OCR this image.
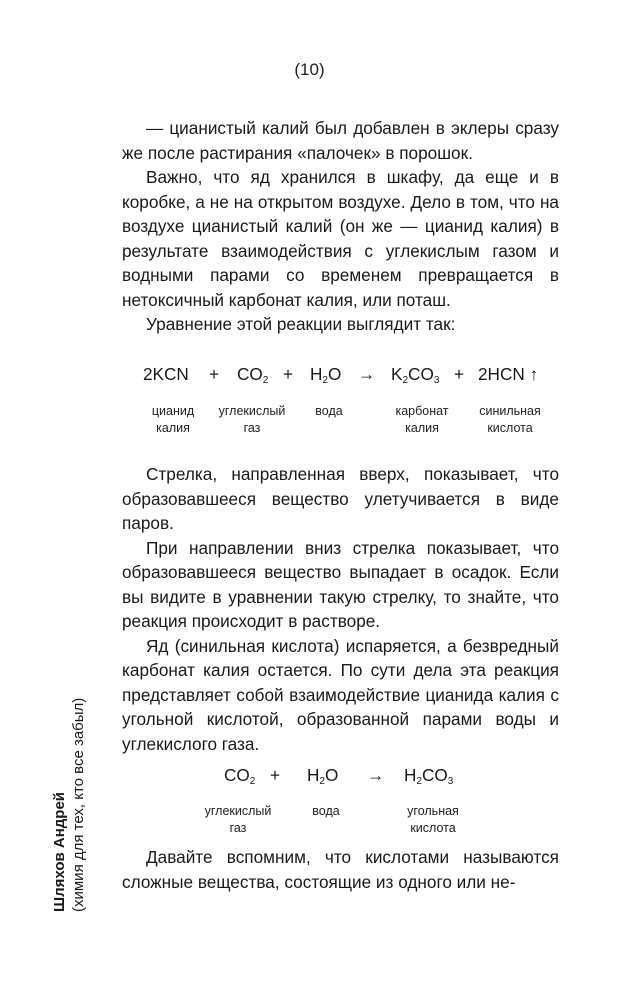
(10)

— цианистый калий был добавлен в эклеры сразу же после растирания «палочек» в порошок.

Важно, что яд хранился в шкафу, да еще и в коробке, а не на открытом воздухе. Дело в том, что на воздухе цианистый калий (он же — цианид калия) в результате взаимодействия с углекислым газом и водными парами со временем превращается в нетоксичный карбонат калия, или поташ.

Уравнение этой реакции выглядит так:

$2KCN + CO_2 + H_2O \to K_2CO_3 + 2HCN$ ↑
цианид
калия
углекислый
газ
вода	карбонат
калия
синильная
кислота

Стрелка, направленная вверх, показывает, что образовавшееся вещество улетучивается в виде паров.

При направлении вниз стрелка показывает, что образовавшееся вещество выпадает в осадок. Если вы видите в уравнении такую стрелку, то знайте, что реакция происходит в растворе.

Яд (синильная кислота) испаряется, а безвредный карбонат калия остается. По сути дела эта реакция представляет собой взаимодействие цианида калия с угольной кислотой, образованной парами воды и углекислого газа.

$CO_2 + H_2O \to H_2CO_3$
углекислый
газ
вода	угольная
кислота

Давайте вспомним, что кислотами называются сложные вещества, состоящие из одного или не-

Шляхов Андрей (химия для тех, кто все забыл)
